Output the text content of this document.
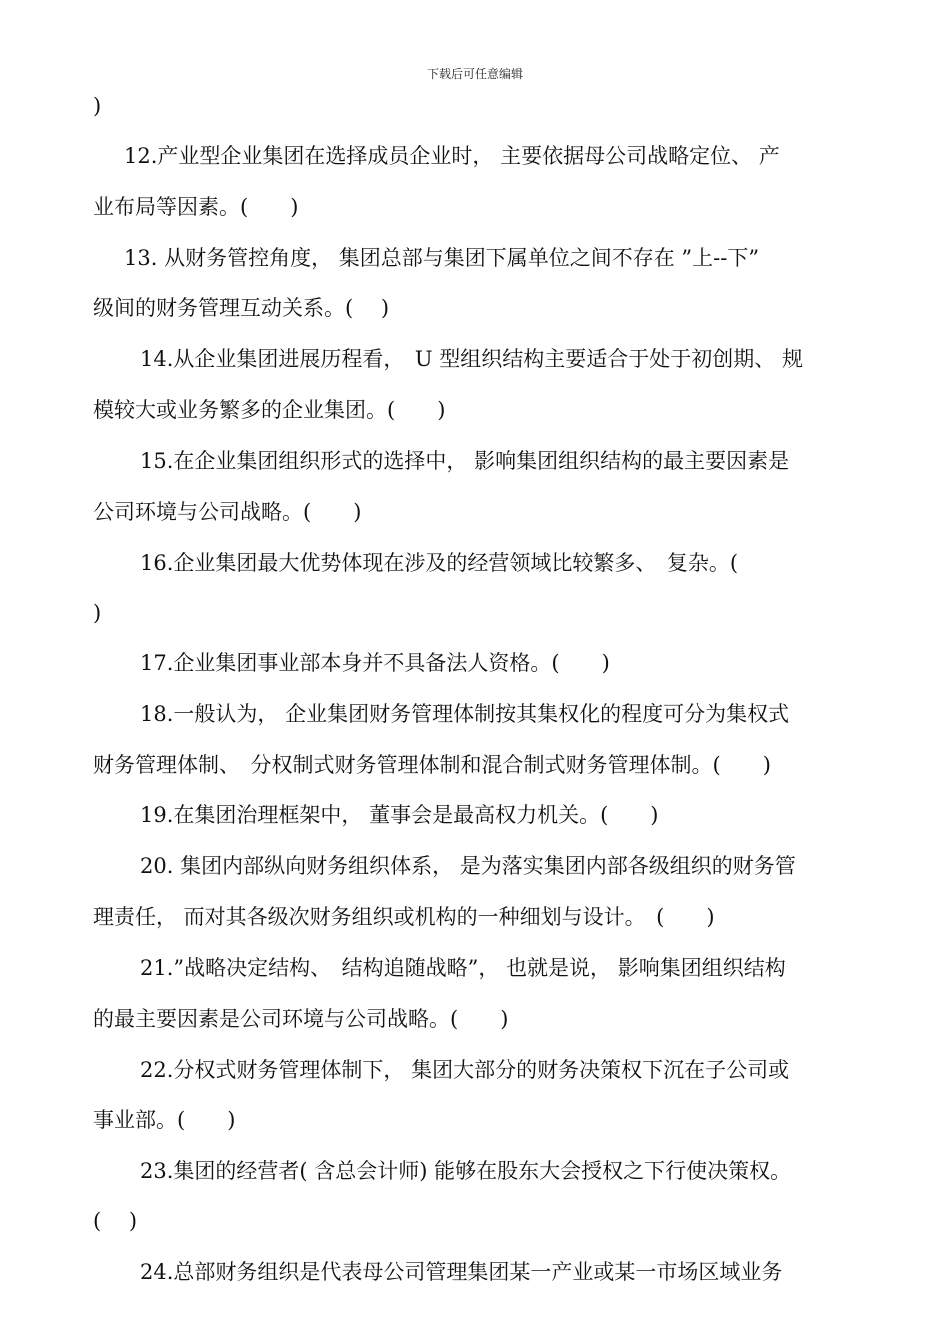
下载后可任意编辑
)
12.产业型企业集团在选择成员企业时， 主要依据母公司战略定位、 产
业布局等因素。(　　)
13. 从财务管控角度， 集团总部与集团下属单位之间不存在 ”上--下”
级间的财务管理互动关系。(　 )
14.从企业集团进展历程看，　U 型组织结构主要适合于处于初创期、 规
模较大或业务繁多的企业集团。(　　)
15.在企业集团组织形式的选择中， 影响集团组织结构的最主要因素是
公司环境与公司战略。(　　)
16.企业集团最大优势体现在涉及的经营领域比较繁多、　复杂。(
)
17.企业集团事业部本身并不具备法人资格。(　　)
18.一般认为， 企业集团财务管理体制按其集权化的程度可分为集权式
财务管理体制、　分权制式财务管理体制和混合制式财务管理体制。(　　)
19.在集团治理框架中， 董事会是最高权力机关。(　　)
20. 集团内部纵向财务组织体系， 是为落实集团内部各级组织的财务管
理责任， 而对其各级次财务组织或机构的一种细划与设计。　(　　)
21.”战略决定结构、　结构追随战略”， 也就是说， 影响集团组织结构
的最主要因素是公司环境与公司战略。(　　)
22.分权式财务管理体制下， 集团大部分的财务决策权下沉在子公司或
事业部。(　　)
23.集团的经营者( 含总会计师) 能够在股东大会授权之下行使决策权。
(　 )
24.总部财务组织是代表母公司管理集团某一产业或某一市场区域业务
